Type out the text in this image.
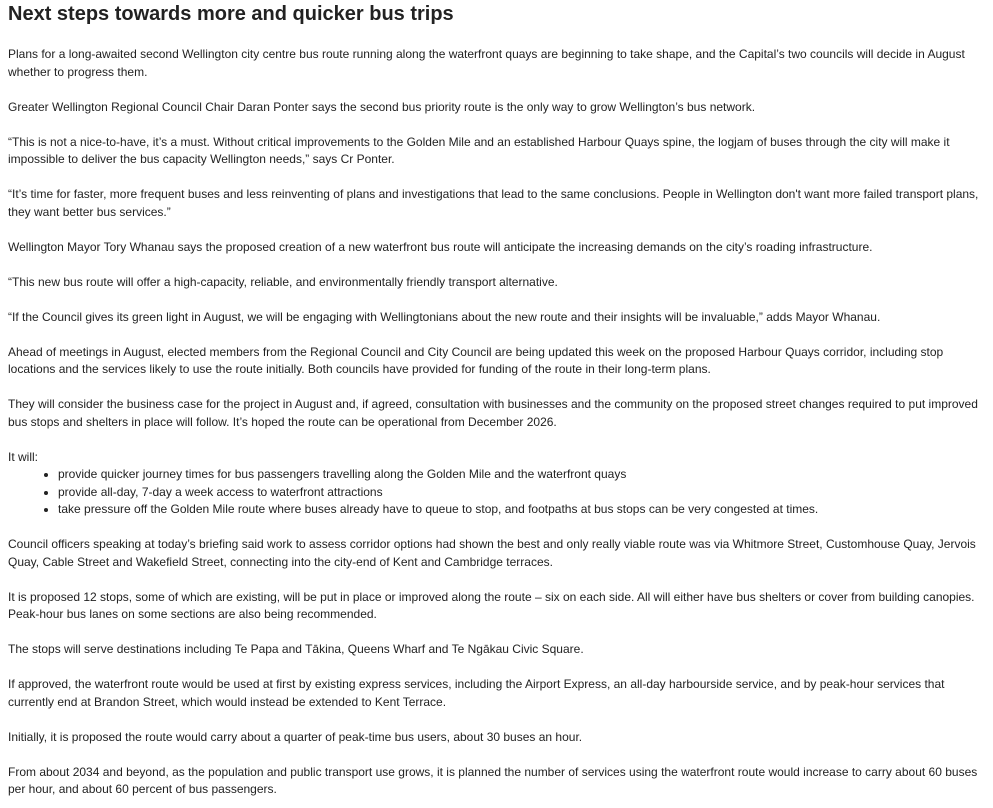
Next steps towards more and quicker bus trips

Plans for a long-awaited second Wellington city centre bus route running along the waterfront quays are beginning to take shape, and the Capital’s two councils will decide in August whether to progress them.

Greater Wellington Regional Council Chair Daran Ponter says the second bus priority route is the only way to grow Wellington’s bus network.

“This is not a nice-to-have, it’s a must. Without critical improvements to the Golden Mile and an established Harbour Quays spine, the logjam of buses through the city will make it impossible to deliver the bus capacity Wellington needs,” says Cr Ponter.

“It’s time for faster, more frequent buses and less reinventing of plans and investigations that lead to the same conclusions. People in Wellington don't want more failed transport plans, they want better bus services.”

Wellington Mayor Tory Whanau says the proposed creation of a new waterfront bus route will anticipate the increasing demands on the city’s roading infrastructure.

“This new bus route will offer a high-capacity, reliable, and environmentally friendly transport alternative.

“If the Council gives its green light in August, we will be engaging with Wellingtonians about the new route and their insights will be invaluable,” adds Mayor Whanau.

Ahead of meetings in August, elected members from the Regional Council and City Council are being updated this week on the proposed Harbour Quays corridor, including stop locations and the services likely to use the route initially. Both councils have provided for funding of the route in their long-term plans.

They will consider the business case for the project in August and, if agreed, consultation with businesses and the community on the proposed street changes required to put improved bus stops and shelters in place will follow. It’s hoped the route can be operational from December 2026.

It will:

• provide quicker journey times for bus passengers travelling along the Golden Mile and the waterfront quays
• provide all-day, 7-day a week access to waterfront attractions
• take pressure off the Golden Mile route where buses already have to queue to stop, and footpaths at bus stops can be very congested at times.

Council officers speaking at today’s briefing said work to assess corridor options had shown the best and only really viable route was via Whitmore Street, Customhouse Quay, Jervois Quay, Cable Street and Wakefield Street, connecting into the city-end of Kent and Cambridge terraces.

It is proposed 12 stops, some of which are existing, will be put in place or improved along the route – six on each side. All will either have bus shelters or cover from building canopies. Peak-hour bus lanes on some sections are also being recommended.

The stops will serve destinations including Te Papa and Tākina, Queens Wharf and Te Ngākau Civic Square.

If approved, the waterfront route would be used at first by existing express services, including the Airport Express, an all-day harbourside service, and by peak-hour services that currently end at Brandon Street, which would instead be extended to Kent Terrace.

Initially, it is proposed the route would carry about a quarter of peak-time bus users, about 30 buses an hour.

From about 2034 and beyond, as the population and public transport use grows, it is planned the number of services using the waterfront route would increase to carry about 60 buses per hour, and about 60 percent of bus passengers.
